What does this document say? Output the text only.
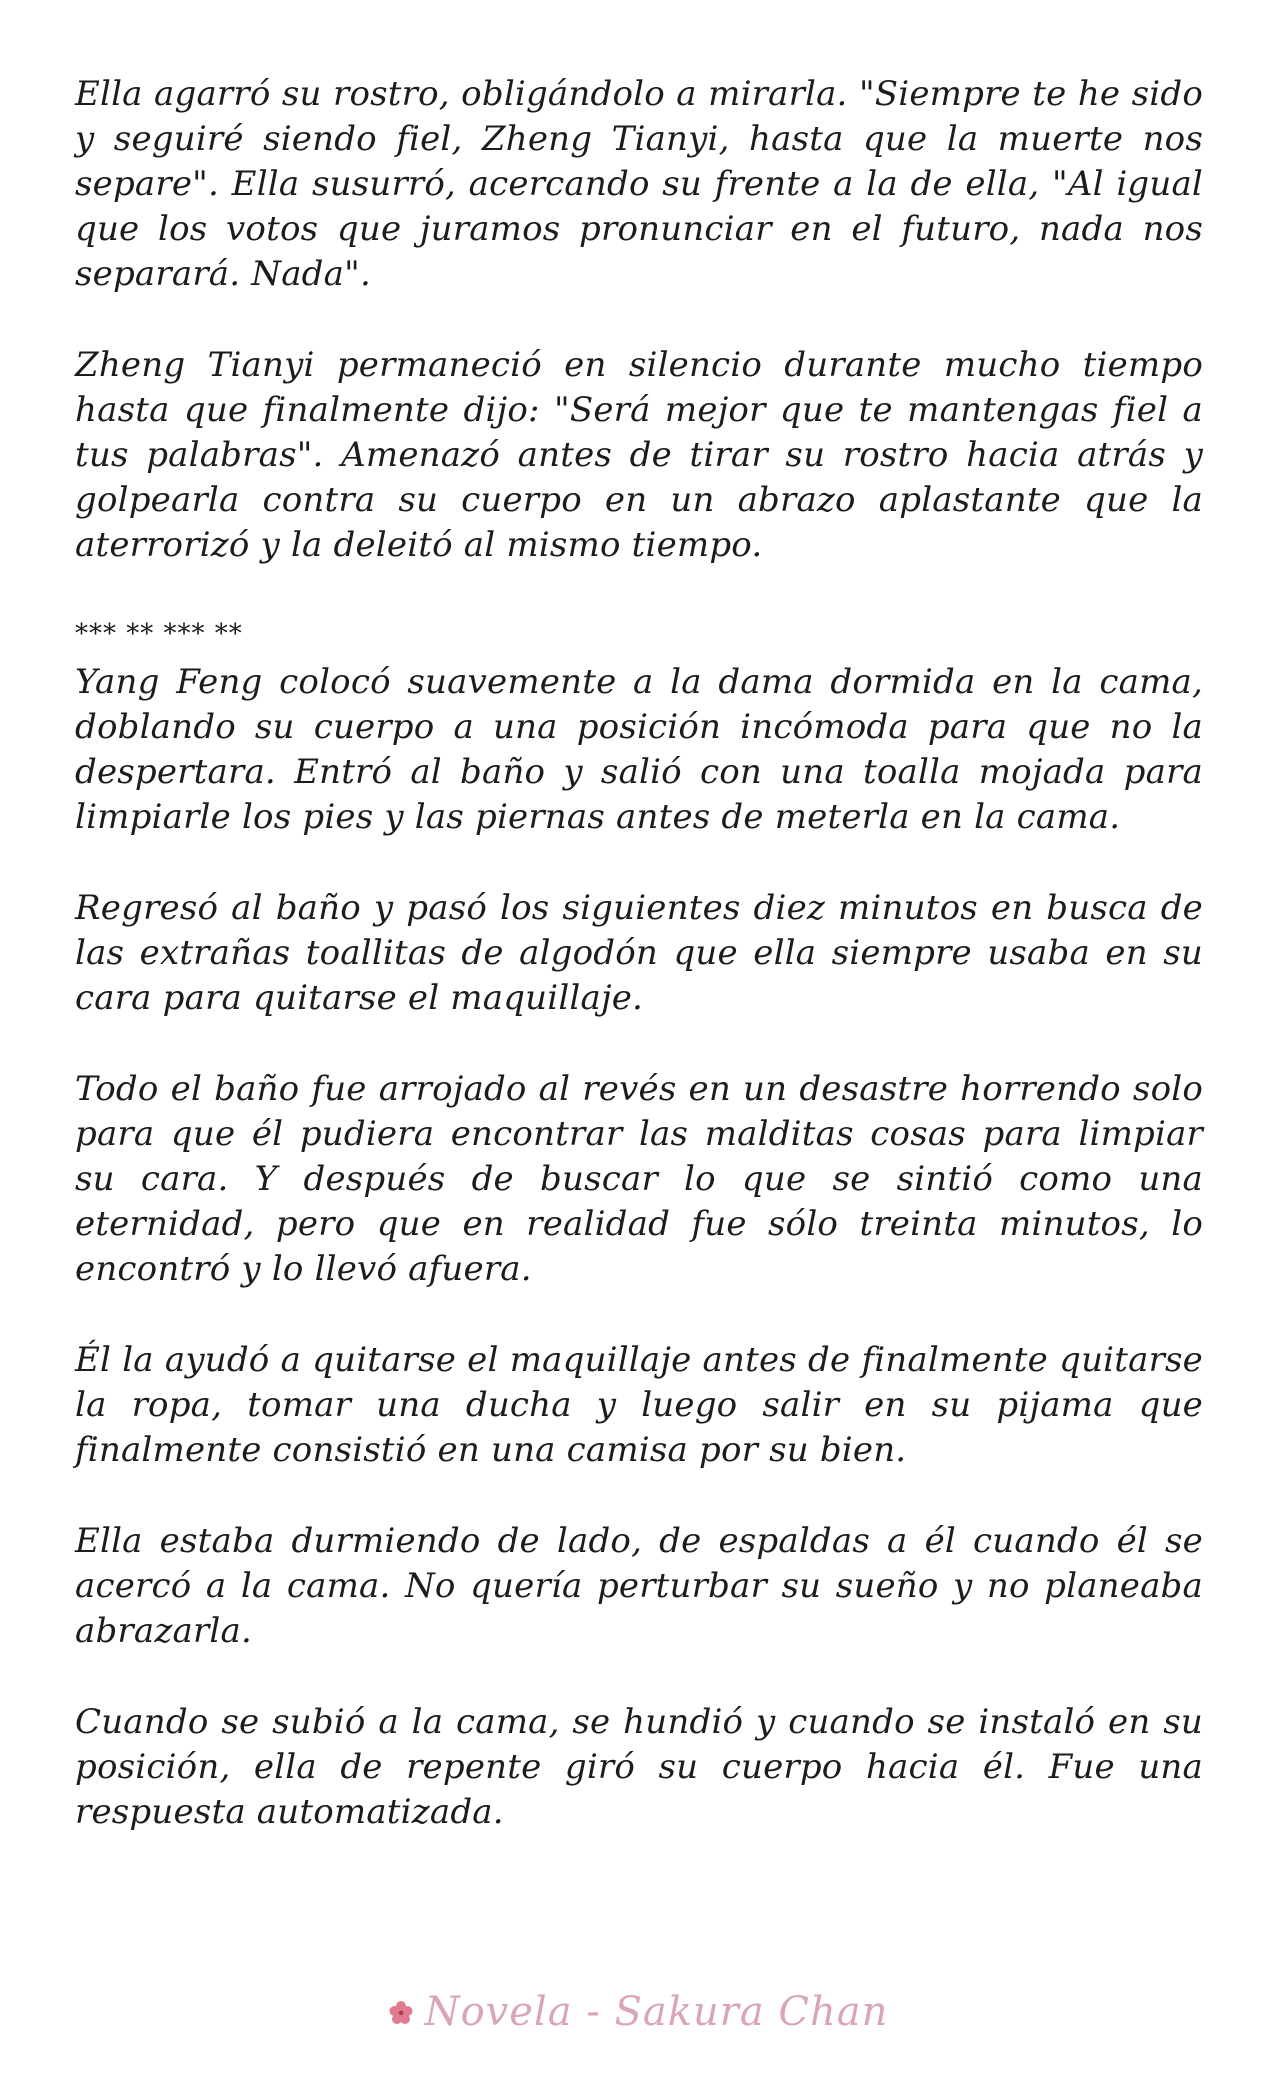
Ella agarró su rostro, obligándolo a mirarla. "Siempre te he sido y seguiré siendo fiel, Zheng Tianyi, hasta que la muerte nos separe". Ella susurró, acercando su frente a la de ella, "Al igual que los votos que juramos pronunciar en el futuro, nada nos separará. Nada".

Zheng Tianyi permaneció en silencio durante mucho tiempo hasta que finalmente dijo: "Será mejor que te mantengas fiel a tus palabras". Amenazó antes de tirar su rostro hacia atrás y golpearla contra su cuerpo en un abrazo aplastante que la aterrorizó y la deleitó al mismo tiempo.

*** ** *** **

Yang Feng colocó suavemente a la dama dormida en la cama, doblando su cuerpo a una posición incómoda para que no la despertara. Entró al baño y salió con una toalla mojada para limpiarle los pies y las piernas antes de meterla en la cama.

Regresó al baño y pasó los siguientes diez minutos en busca de las extrañas toallitas de algodón que ella siempre usaba en su cara para quitarse el maquillaje.

Todo el baño fue arrojado al revés en un desastre horrendo solo para que él pudiera encontrar las malditas cosas para limpiar su cara. Y después de buscar lo que se sintió como una eternidad, pero que en realidad fue sólo treinta minutos, lo encontró y lo llevó afuera.

Él la ayudó a quitarse el maquillaje antes de finalmente quitarse la ropa, tomar una ducha y luego salir en su pijama que finalmente consistió en una camisa por su bien.

Ella estaba durmiendo de lado, de espaldas a él cuando él se acercó a la cama. No quería perturbar su sueño y no planeaba abrazarla.

Cuando se subió a la cama, se hundió y cuando se instaló en su posición, ella de repente giró su cuerpo hacia él. Fue una respuesta automatizada.

Novela - Sakura Chan
